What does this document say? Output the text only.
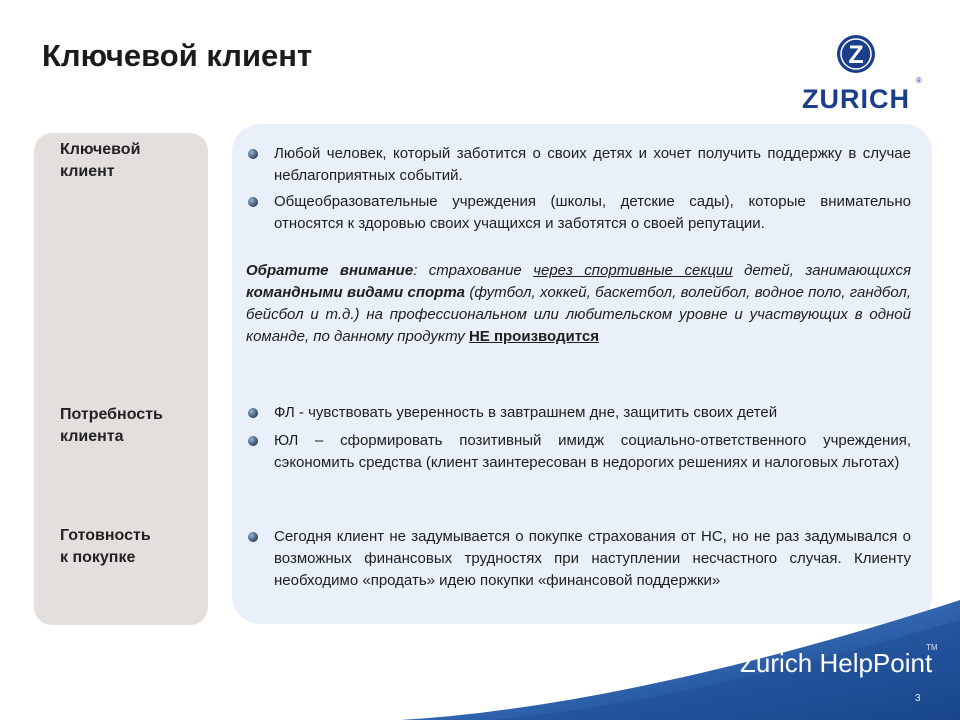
Ключевой клиент	Z
ZURICH
®
Ключевой
клиент
Потребность
клиента
Готовность
к покупке
Любой человек, который заботится о своих детях и хочет получить поддержку в случае неблагоприятных событий.
Общеобразовательные учреждения (школы, детские сады), которые внимательно относятся к здоровью своих учащихся и заботятся о своей репутации.
Обратите внимание: страхование через спортивные секции детей, занимающихся командными видами спорта (футбол, хоккей, баскетбол, волейбол, водное поло, гандбол, бейсбол и т.д.) на профессиональном или любительском уровне и участвующих в одной команде, по данному продукту НЕ производится
ФЛ - чувствовать уверенность в завтрашнем дне, защитить своих детей
ЮЛ – сформировать позитивный имидж социально-ответственного учреждения, сэкономить средства (клиент заинтересован в недорогих решениях и налоговых льготах)
Сегодня клиент не задумывается о покупке страхования от НС, но не раз задумывался о возможных финансовых трудностях при наступлении несчастного случая. Клиенту необходимо «продать» идею покупки «финансовой поддержки»
Zurich HelpPoint
TM
3
